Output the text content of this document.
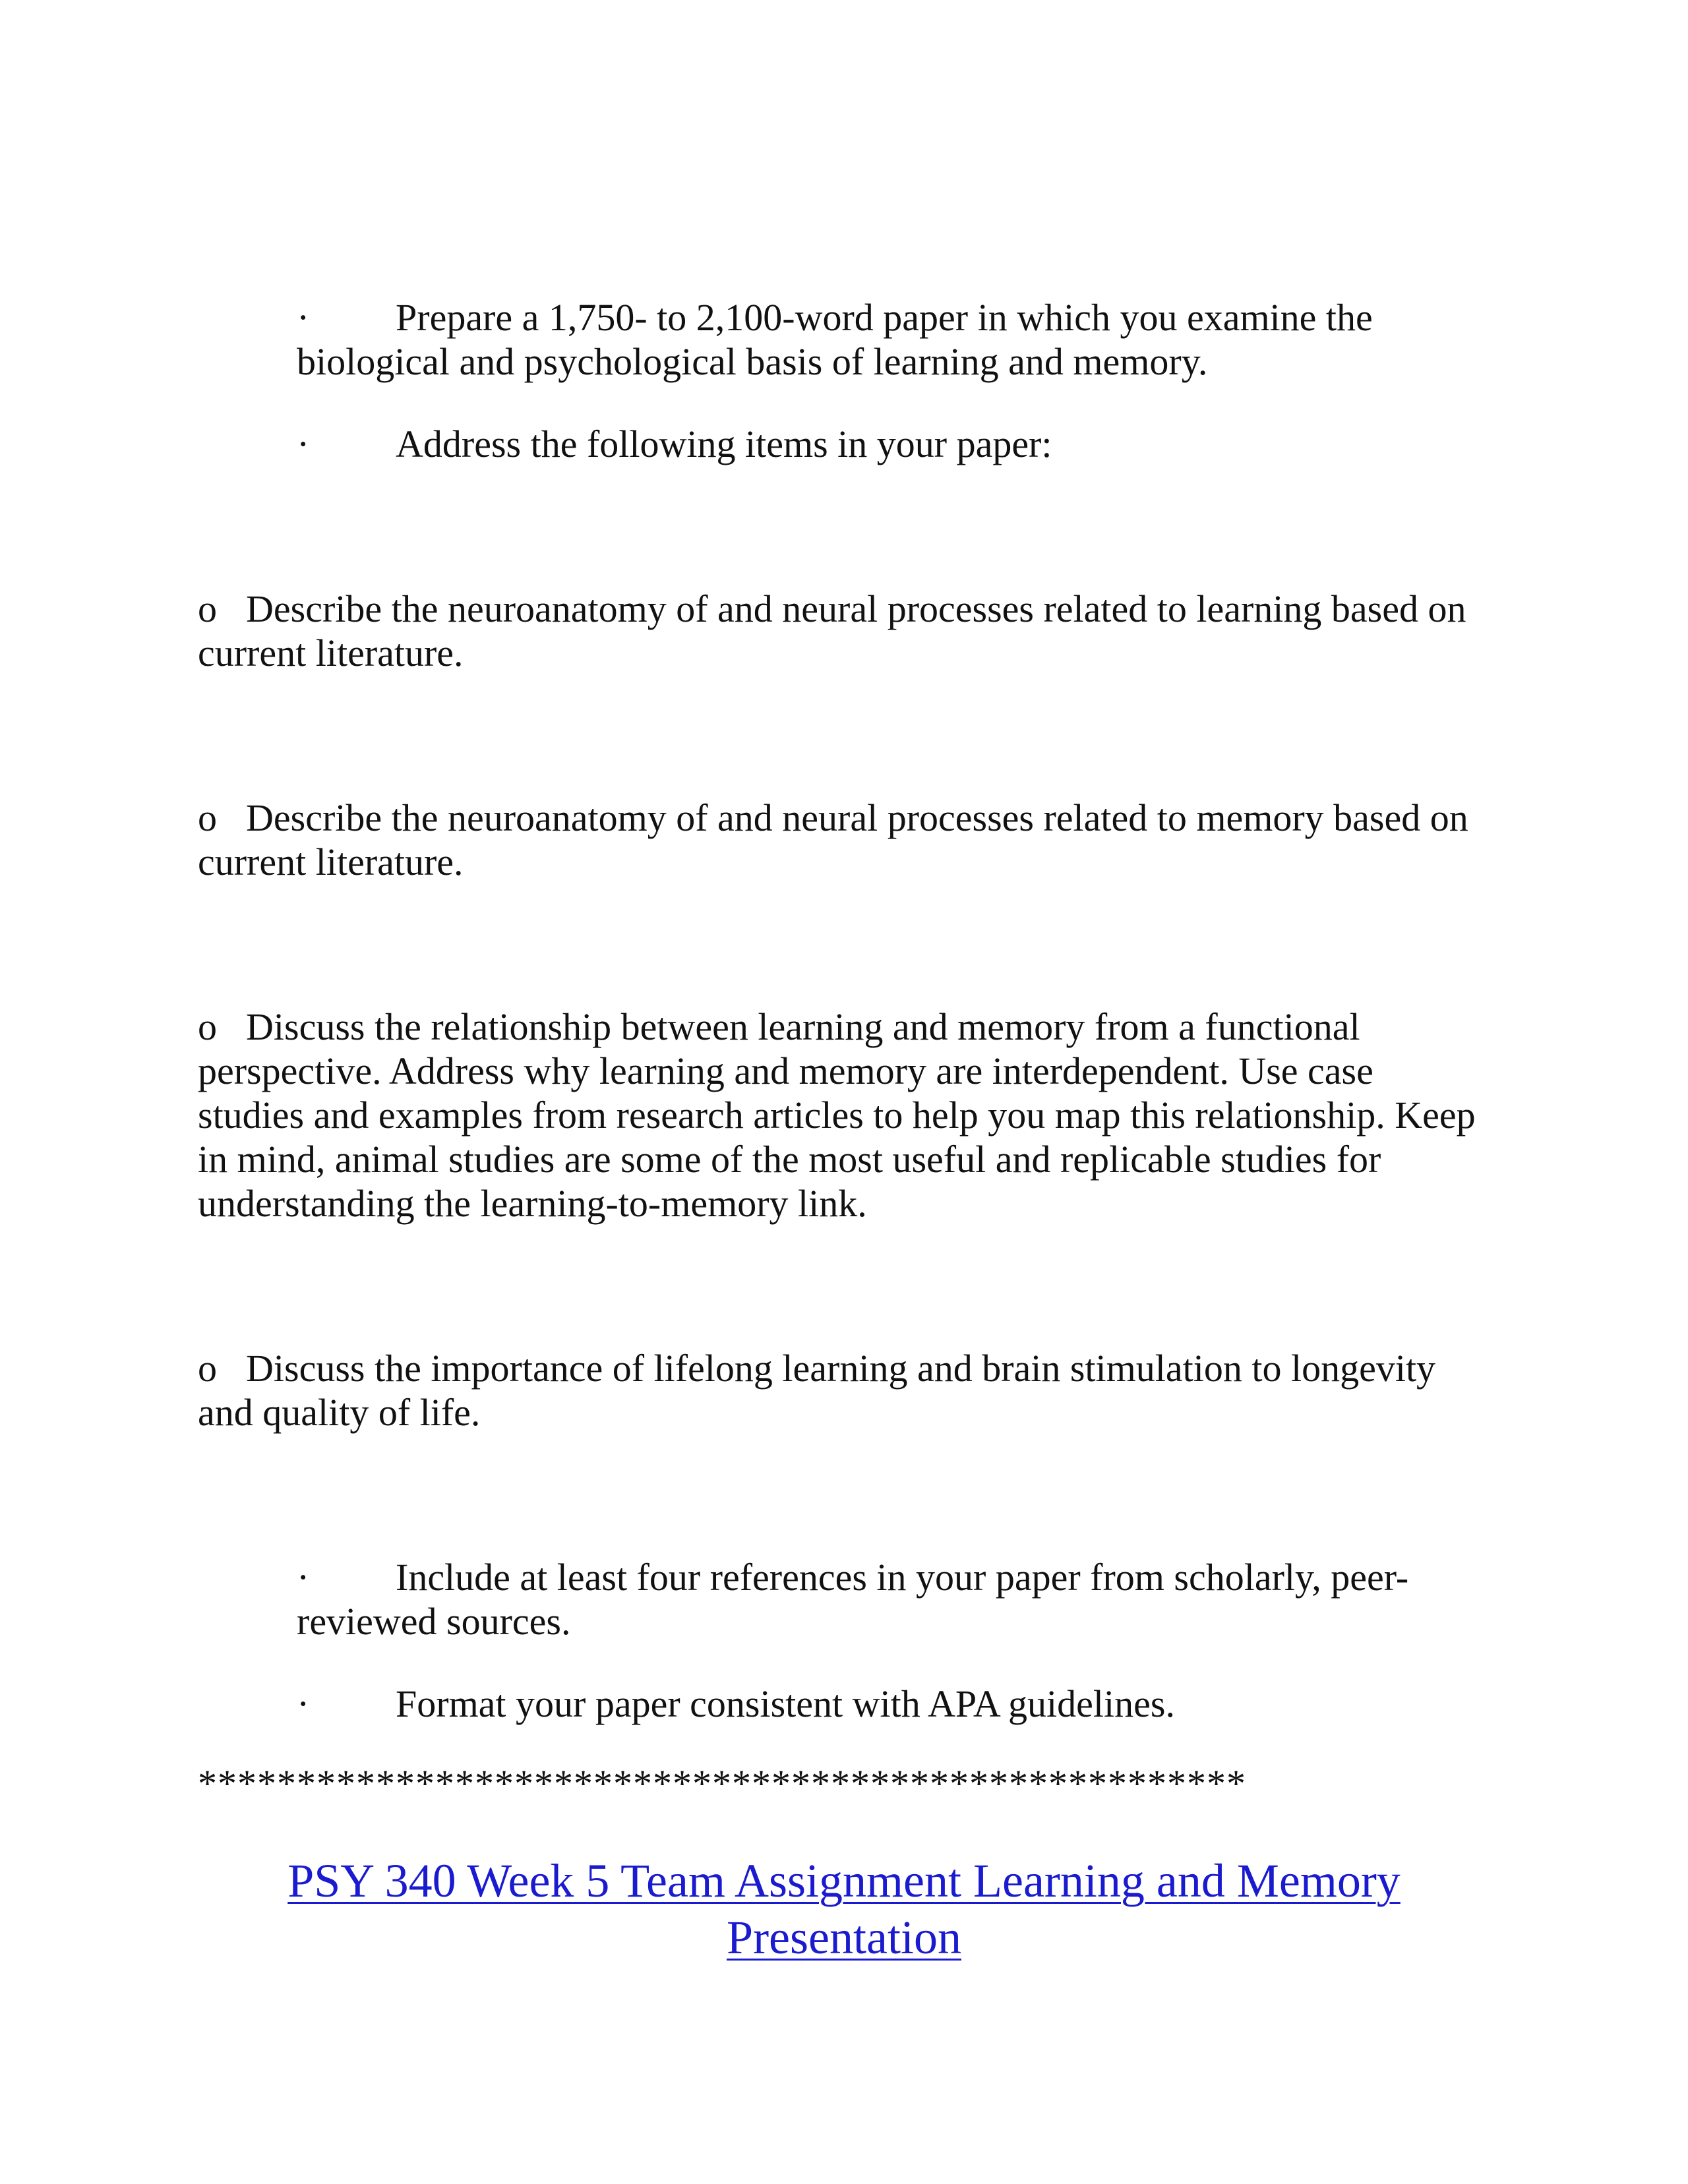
· Prepare a 1,750- to 2,100-word paper in which you examine the

biological and psychological basis of learning and memory.

· Address the following items in your paper:

o Describe the neuroanatomy of and neural processes related to learning based on

current literature.

o Describe the neuroanatomy of and neural processes related to memory based on

current literature.

o Discuss the relationship between learning and memory from a functional

perspective. Address why learning and memory are interdependent. Use case

studies and examples from research articles to help you map this relationship. Keep

in mind, animal studies are some of the most useful and replicable studies for

understanding the learning-to-memory link.

o Discuss the importance of lifelong learning and brain stimulation to longevity

and quality of life.

· Include at least four references in your paper from scholarly, peer-

reviewed sources.

· Format your paper consistent with APA guidelines.

*****************************************************
PSY 340 Week 5 Team Assignment Learning and Memory
Presentation
